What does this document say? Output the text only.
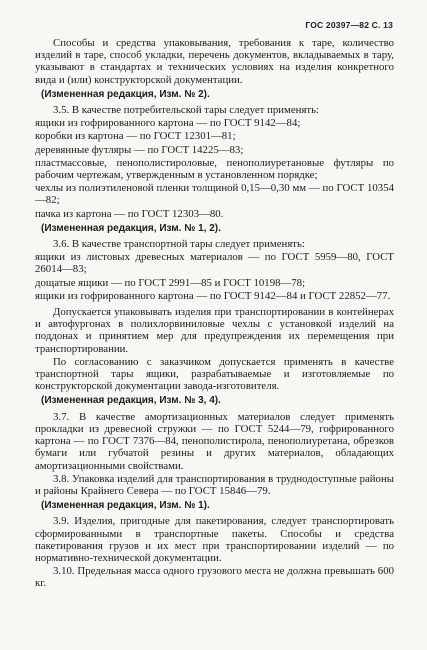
ГОС 20397—82 С. 13

Способы и средства упаковывания, требования к таре, количество изделий в таре, способ укладки, перечень документов, вкладываемых в тару, указывают в стандартах и технических условиях на изделия конкретного вида и (или) конструкторской документации.

(Измененная редакция, Изм. № 2).

3.5. В качестве потребительской тары следует применять:

ящики из гофрированного картона — по ГОСТ 9142—84;

коробки из картона — по ГОСТ 12301—81;

деревянные футляры — по ГОСТ 14225—83;

пластмассовые, пенополистироловые, пенополиуретановые футляры по рабочим чертежам, утвержденным в установленном порядке;

чехлы из полиэтиленовой пленки толщиной 0,15—0,30 мм — по ГОСТ 10354—82;

пачка из картона — по ГОСТ 12303—80.

(Измененная редакция, Изм. № 1, 2).

3.6. В качестве транспортной тары следует применять:

ящики из листовых древесных материалов — по ГОСТ 5959—80, ГОСТ 26014—83;

дощатые ящики — по ГОСТ 2991—85 и ГОСТ 10198—78;

ящики из гофрированного картона — по ГОСТ 9142—84 и ГОСТ 22852—77.

Допускается упаковывать изделия при транспортировании в контейнерах и автофургонах в полихлорвиниловые чехлы с установкой изделий на поддонах и принятием мер для предупреждения их перемещения при транспортировании.

По согласованию с заказчиком допускается применять в качестве транспортной тары ящики, разрабатываемые и изготовляемые по конструкторской документации завода-изготовителя.

(Измененная редакция, Изм. № 3, 4).

3.7. В качестве амортизационных материалов следует применять прокладки из древесной стружки — по ГОСТ 5244—79, гофрированного картона — по ГОСТ 7376—84, пенополистирола, пенополиуретана, обрезков бумаги или губчатой резины и других материалов, обладающих амортизационными свойствами.

3.8. Упаковка изделий для транспортирования в труднодоступные районы и районы Крайнего Севера — по ГОСТ 15846—79.

(Измененная редакция, Изм. № 1).

3.9. Изделия, пригодные для пакетирования, следует транспортировать сформированными в транспортные пакеты. Способы и средства пакетирования грузов и их мест при транспортировании изделий — по нормативно-технической документации.

3.10. Предельная масса одного грузового места не должна превышать 600 кг.
